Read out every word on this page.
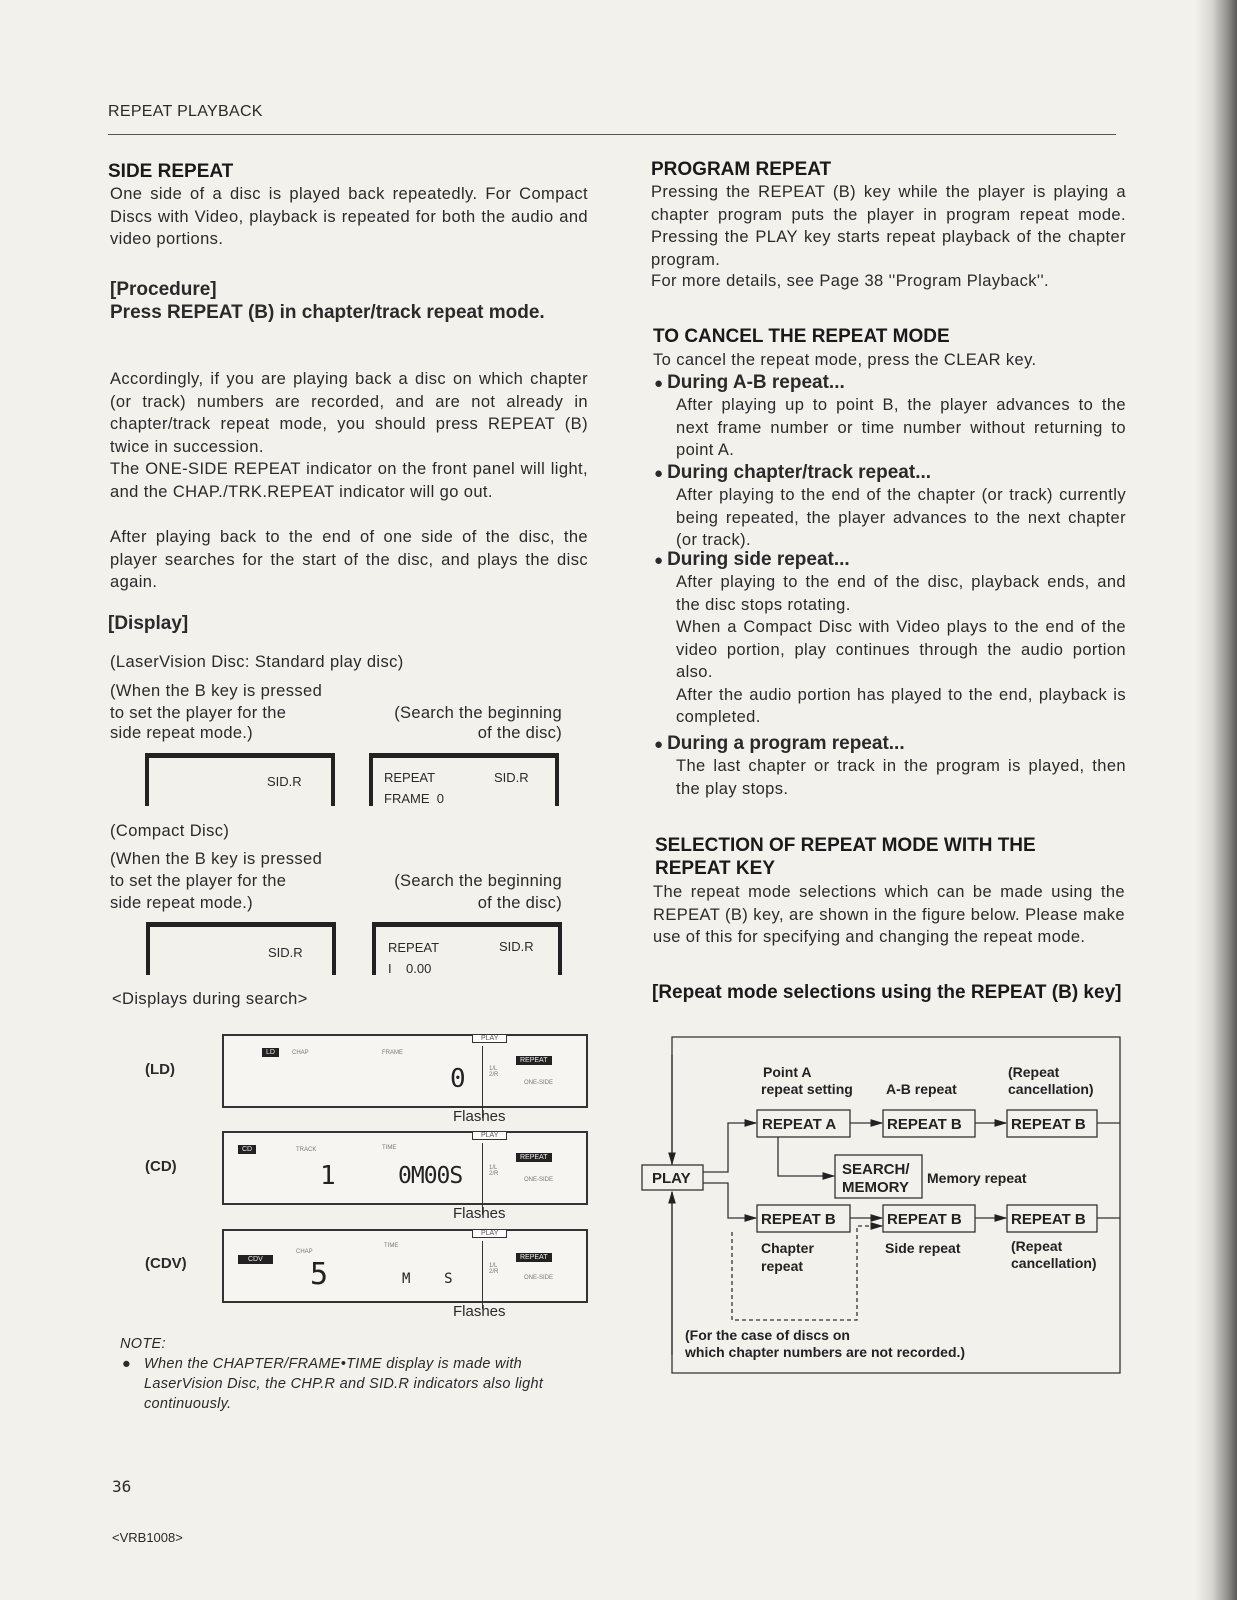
REPEAT PLAYBACK
SIDE REPEAT
One side of a disc is played back repeatedly. For Compact Discs with Video, playback is repeated for both the audio and video portions.
[Procedure]
Press REPEAT (B) in chapter/track repeat mode.
Accordingly, if you are playing back a disc on which chapter (or track) numbers are recorded, and are not already in chapter/track repeat mode, you should press REPEAT (B) twice in succession.
The ONE-SIDE REPEAT indicator on the front panel will light, and the CHAP./TRK.REPEAT indicator will go out.
After playing back to the end of one side of the disc, the player searches for the start of the disc, and plays the disc again.
[Display]
(LaserVision Disc: Standard play disc)
(When the B key is pressed
to set the player for the	(Search the beginning
side repeat mode.)	of the disc)
SID.R	REPEAT	SID.R
FRAME  0
(Compact Disc)
(When the B key is pressed
to set the player for the	(Search the beginning
side repeat mode.)	of the disc)
SID.R	REPEAT	SID.R
I    0.00
<Displays during search>
(LD)
LD	CHAP	FRAME
0
PLAY
1/L
2/R
REPEAT
ONE-SIDE
Flashes
(CD)
CD	TRACK	TIME
1	0M00S
PLAY
1/L
2/R
REPEAT
ONE-SIDE
Flashes
(CDV)	CDV
CHAP
TIME
5	M    S
PLAY
1/L
2/R
REPEAT
ONE-SIDE
Flashes
NOTE:
● When the CHAPTER/FRAME•TIME display is made with LaserVision Disc, the CHP.R and SID.R indicators also light continuously.
36
<VRB1008>
PROGRAM REPEAT
Pressing the REPEAT (B) key while the player is playing a chapter program puts the player in program repeat mode. Pressing the PLAY key starts repeat playback of the chapter program.
For more details, see Page 38 ''Program Playback''.
TO CANCEL THE REPEAT MODE
To cancel the repeat mode, press the CLEAR key.
● During A-B repeat...
After playing up to point B, the player advances to the next frame number or time number without returning to point A.
● During chapter/track repeat...
After playing to the end of the chapter (or track) currently being repeated, the player advances to the next chapter (or track).
● During side repeat...
After playing to the end of the disc, playback ends, and the disc stops rotating.
When a Compact Disc with Video plays to the end of the video portion, play continues through the audio portion also.
After the audio portion has played to the end, playback is completed.
● During a program repeat...
The last chapter or track in the program is played, then the play stops.
SELECTION OF REPEAT MODE WITH THE REPEAT KEY
The repeat mode selections which can be made using the REPEAT (B) key, are shown in the figure below. Please make use of this for specifying and changing the repeat mode.
[Repeat mode selections using the REPEAT (B) key]
PLAY
REPEAT A	REPEAT B	REPEAT B
SEARCH/
MEMORY
REPEAT B	REPEAT B	REPEAT B
Point A
repeat setting A-B repeat
(Repeat
cancellation)
Memory repeat
Chapter
repeat
Side repeat	(Repeat
cancellation)
(For the case of discs on
which chapter numbers are not recorded.)
